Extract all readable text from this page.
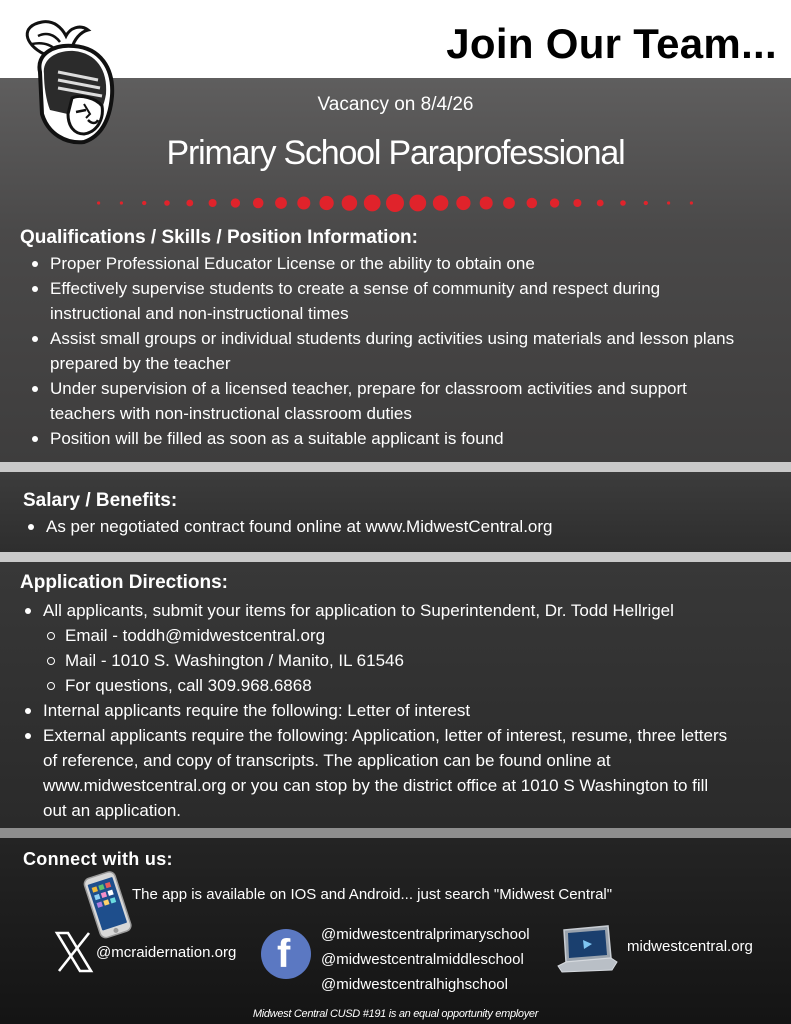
Join Our Team...
Vacancy on 8/4/26
Primary School Paraprofessional
Qualifications / Skills / Position Information:
Proper Professional Educator License or the ability to obtain one
Effectively supervise students to create a sense of community and respect during instructional and non-instructional times
Assist small groups or individual students during activities using materials and lesson plans prepared by the teacher
Under supervision of a licensed teacher, prepare for classroom activities and support teachers with non-instructional classroom duties
Position will be filled as soon as a suitable applicant is found
Salary / Benefits:
As per negotiated contract found online at www.MidwestCentral.org
Application Directions:
All applicants, submit your items for application to Superintendent, Dr. Todd Hellrigel
Email - toddh@midwestcentral.org
Mail - 1010 S. Washington / Manito, IL 61546
For questions, call 309.968.6868
Internal applicants require the following: Letter of interest
External applicants require the following: Application, letter of interest, resume, three letters of reference, and copy of transcripts. The application can be found online at www.midwestcentral.org or you can stop by the district office at 1010 S Washington to fill out an application.
Connect with us:
The app is available on IOS and Android... just search "Midwest Central"
@mcraidernation.org f @midwestcentralprimaryschool
@midwestcentralmiddleschool
@midwestcentralhighschool
midwestcentral.org
Midwest Central CUSD #191 is an equal opportunity employer
